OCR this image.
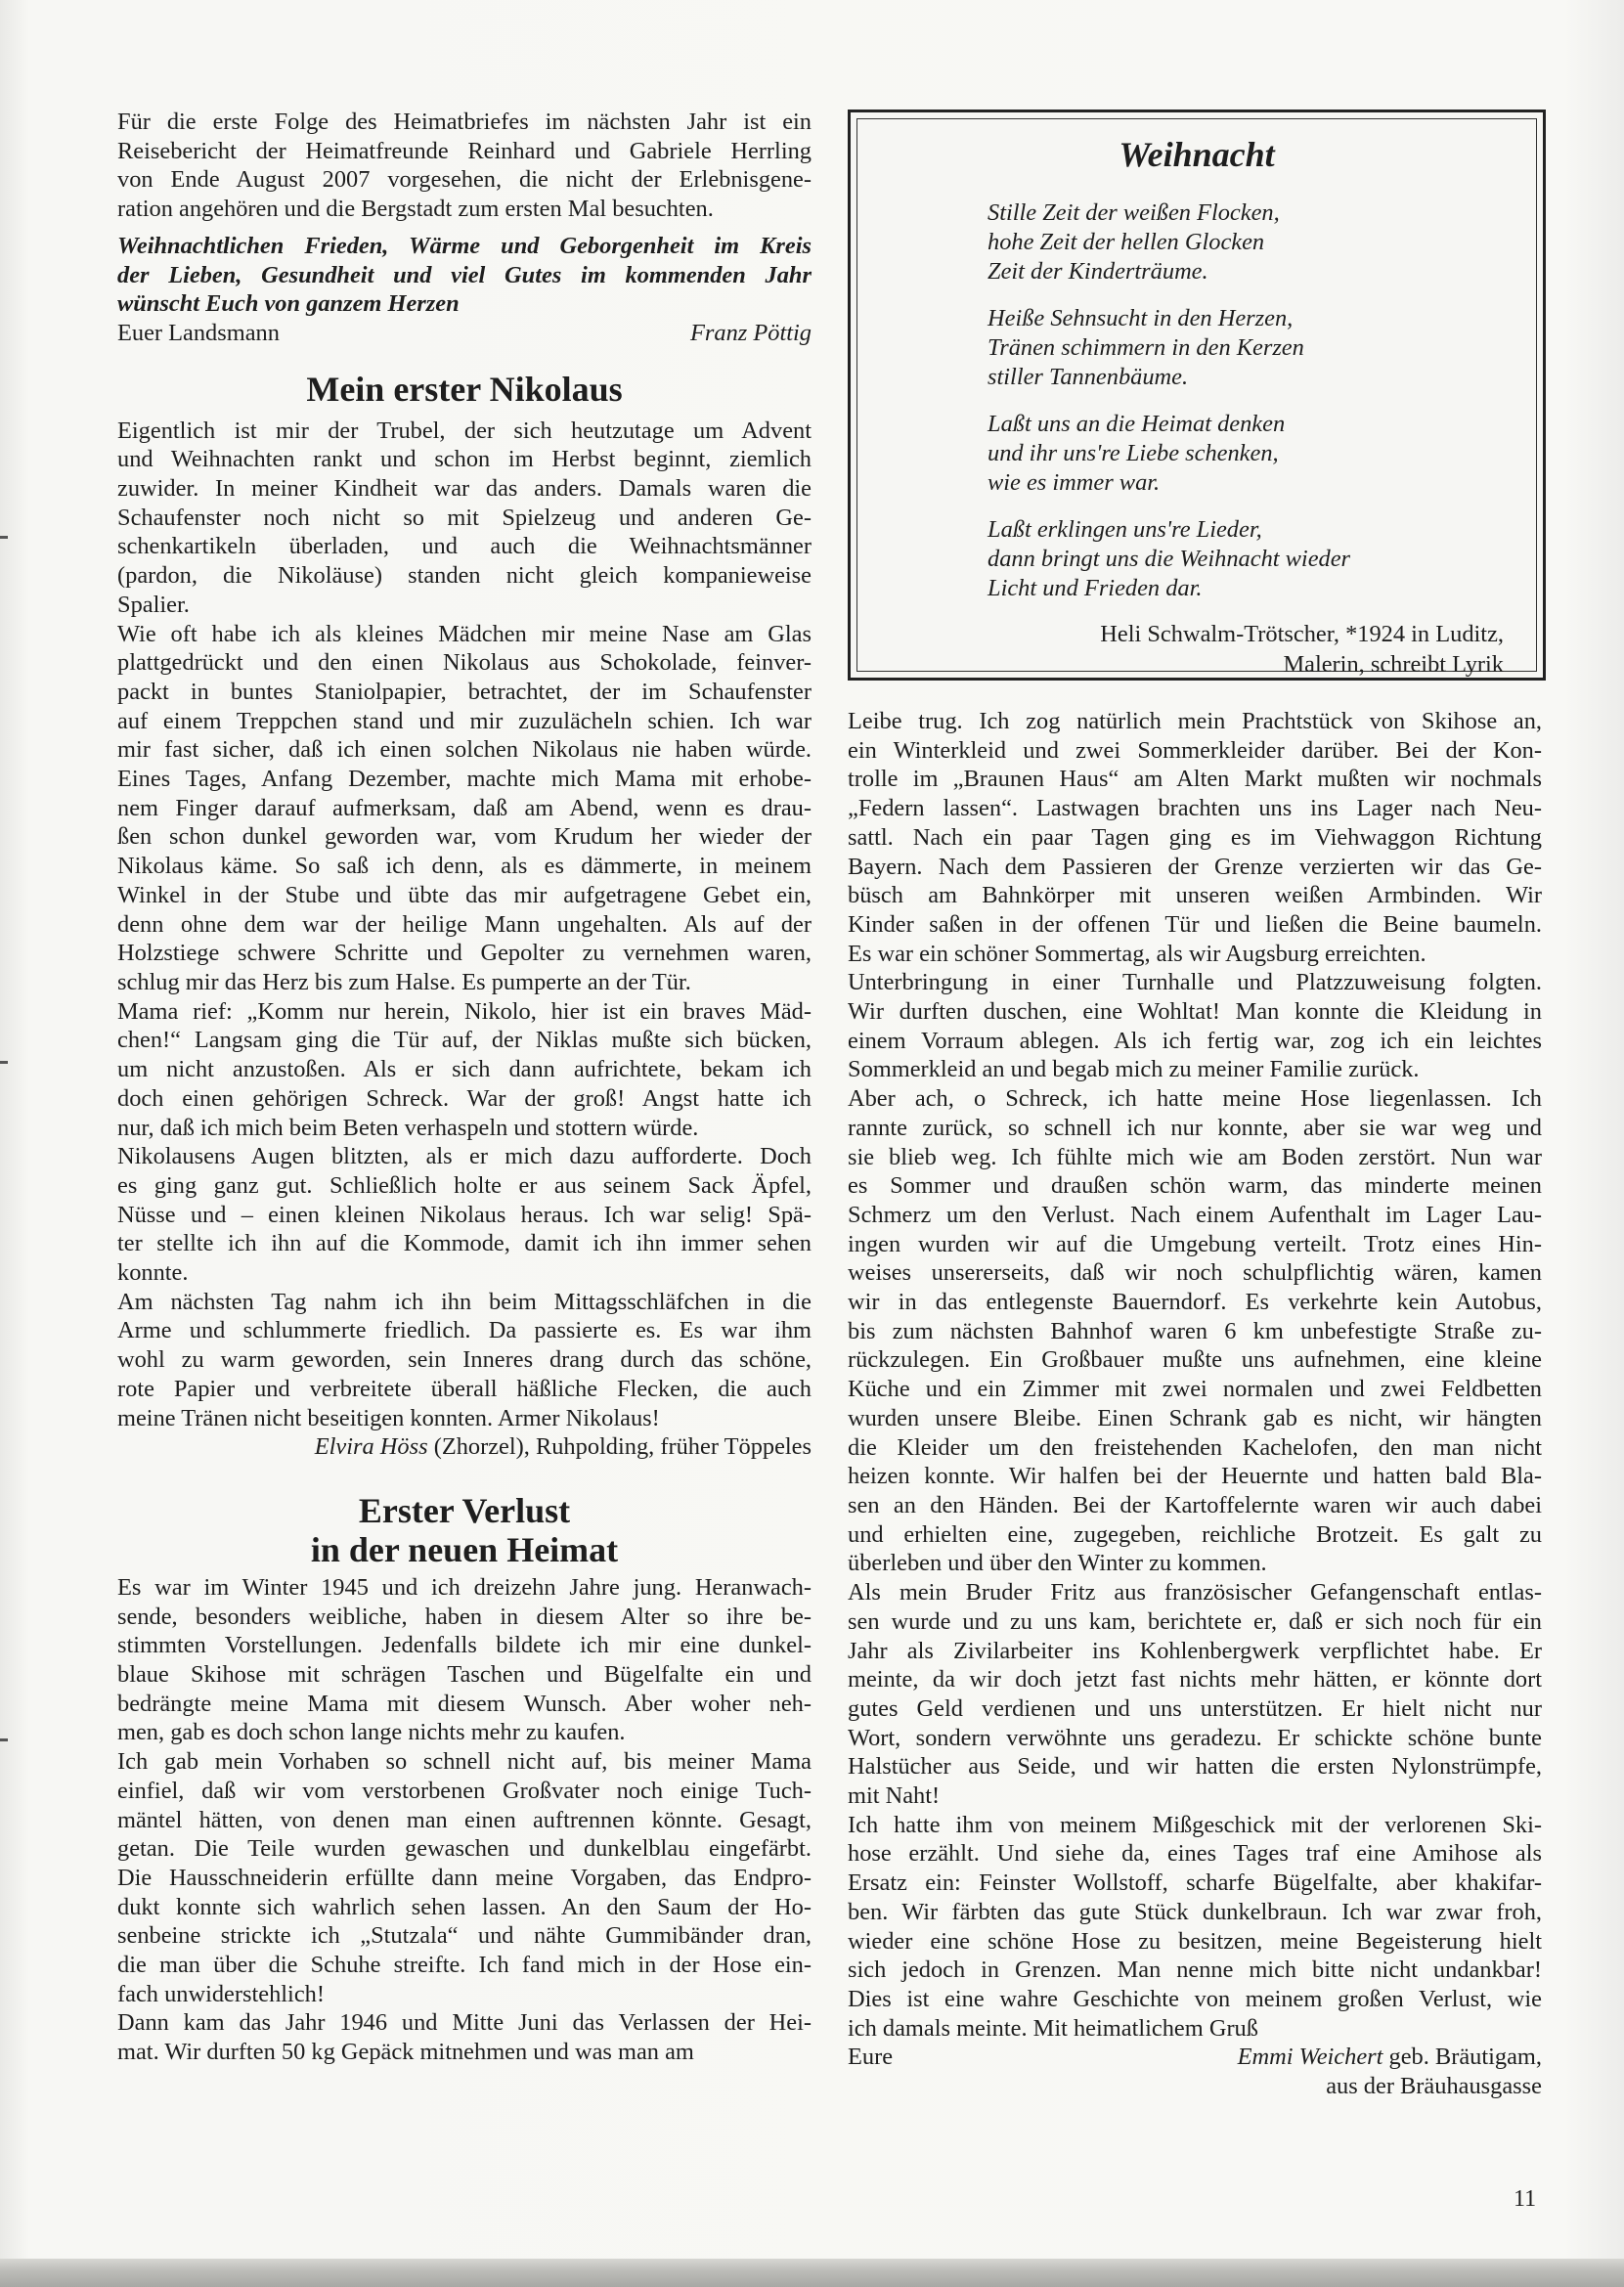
Für die erste Folge des Heimatbriefes im nächsten Jahr ist ein
Reisebericht der Heimatfreunde Reinhard und Gabriele Herrling
von Ende August 2007 vorgesehen, die nicht der Erlebnisgene-
ration angehören und die Bergstadt zum ersten Mal besuchten.
Weihnachtlichen Frieden, Wärme und Geborgenheit im Kreis
der Lieben, Gesundheit und viel Gutes im kommenden Jahr
wünscht Euch von ganzem Herzen
Euer Landsmann	Franz Pöttig
Mein erster Nikolaus
Eigentlich ist mir der Trubel, der sich heutzutage um Advent
und Weihnachten rankt und schon im Herbst beginnt, ziemlich
zuwider. In meiner Kindheit war das anders. Damals waren die
Schaufenster noch nicht so mit Spielzeug und anderen Ge-
schenkartikeln überladen, und auch die Weihnachtsmänner
(pardon, die Nikoläuse) standen nicht gleich kompanieweise
Spalier.
Wie oft habe ich als kleines Mädchen mir meine Nase am Glas
plattgedrückt und den einen Nikolaus aus Schokolade, feinver-
packt in buntes Staniolpapier, betrachtet, der im Schaufenster
auf einem Treppchen stand und mir zuzulächeln schien. Ich war
mir fast sicher, daß ich einen solchen Nikolaus nie haben würde.
Eines Tages, Anfang Dezember, machte mich Mama mit erhobe-
nem Finger darauf aufmerksam, daß am Abend, wenn es drau-
ßen schon dunkel geworden war, vom Krudum her wieder der
Nikolaus käme. So saß ich denn, als es dämmerte, in meinem
Winkel in der Stube und übte das mir aufgetragene Gebet ein,
denn ohne dem war der heilige Mann ungehalten. Als auf der
Holzstiege schwere Schritte und Gepolter zu vernehmen waren,
schlug mir das Herz bis zum Halse. Es pumperte an der Tür.
Mama rief: „Komm nur herein, Nikolo, hier ist ein braves Mäd-
chen!“ Langsam ging die Tür auf, der Niklas mußte sich bücken,
um nicht anzustoßen. Als er sich dann aufrichtete, bekam ich
doch einen gehörigen Schreck. War der groß! Angst hatte ich
nur, daß ich mich beim Beten verhaspeln und stottern würde.
Nikolausens Augen blitzten, als er mich dazu aufforderte. Doch
es ging ganz gut. Schließlich holte er aus seinem Sack Äpfel,
Nüsse und – einen kleinen Nikolaus heraus. Ich war selig! Spä-
ter stellte ich ihn auf die Kommode, damit ich ihn immer sehen
konnte.
Am nächsten Tag nahm ich ihn beim Mittagsschläfchen in die
Arme und schlummerte friedlich. Da passierte es. Es war ihm
wohl zu warm geworden, sein Inneres drang durch das schöne,
rote Papier und verbreitete überall häßliche Flecken, die auch
meine Tränen nicht beseitigen konnten. Armer Nikolaus!
Elvira Höss (Zhorzel), Ruhpolding, früher Töppeles
Erster Verlust
in der neuen Heimat
Es war im Winter 1945 und ich dreizehn Jahre jung. Heranwach-
sende, besonders weibliche, haben in diesem Alter so ihre be-
stimmten Vorstellungen. Jedenfalls bildete ich mir eine dunkel-
blaue Skihose mit schrägen Taschen und Bügelfalte ein und
bedrängte meine Mama mit diesem Wunsch. Aber woher neh-
men, gab es doch schon lange nichts mehr zu kaufen.
Ich gab mein Vorhaben so schnell nicht auf, bis meiner Mama
einfiel, daß wir vom verstorbenen Großvater noch einige Tuch-
mäntel hätten, von denen man einen auftrennen könnte. Gesagt,
getan. Die Teile wurden gewaschen und dunkelblau eingefärbt.
Die Hausschneiderin erfüllte dann meine Vorgaben, das Endpro-
dukt konnte sich wahrlich sehen lassen. An den Saum der Ho-
senbeine strickte ich „Stutzala“ und nähte Gummibänder dran,
die man über die Schuhe streifte. Ich fand mich in der Hose ein-
fach unwiderstehlich!
Dann kam das Jahr 1946 und Mitte Juni das Verlassen der Hei-
mat. Wir durften 50 kg Gepäck mitnehmen und was man am
Weihnacht
Stille Zeit der weißen Flocken,
hohe Zeit der hellen Glocken
Zeit der Kinderträume.
Heiße Sehnsucht in den Herzen,
Tränen schimmern in den Kerzen
stiller Tannenbäume.
Laßt uns an die Heimat denken
und ihr uns're Liebe schenken,
wie es immer war.
Laßt erklingen uns're Lieder,
dann bringt uns die Weihnacht wieder
Licht und Frieden dar.
Heli Schwalm-Trötscher, *1924 in Luditz,
Malerin, schreibt Lyrik
Leibe trug. Ich zog natürlich mein Prachtstück von Skihose an,
ein Winterkleid und zwei Sommerkleider darüber. Bei der Kon-
trolle im „Braunen Haus“ am Alten Markt mußten wir nochmals
„Federn lassen“. Lastwagen brachten uns ins Lager nach Neu-
sattl. Nach ein paar Tagen ging es im Viehwaggon Richtung
Bayern. Nach dem Passieren der Grenze verzierten wir das Ge-
büsch am Bahnkörper mit unseren weißen Armbinden. Wir
Kinder saßen in der offenen Tür und ließen die Beine baumeln.
Es war ein schöner Sommertag, als wir Augsburg erreichten.
Unterbringung in einer Turnhalle und Platzzuweisung folgten.
Wir durften duschen, eine Wohltat! Man konnte die Kleidung in
einem Vorraum ablegen. Als ich fertig war, zog ich ein leichtes
Sommerkleid an und begab mich zu meiner Familie zurück.
Aber ach, o Schreck, ich hatte meine Hose liegenlassen. Ich
rannte zurück, so schnell ich nur konnte, aber sie war weg und
sie blieb weg. Ich fühlte mich wie am Boden zerstört. Nun war
es Sommer und draußen schön warm, das minderte meinen
Schmerz um den Verlust. Nach einem Aufenthalt im Lager Lau-
ingen wurden wir auf die Umgebung verteilt. Trotz eines Hin-
weises unsererseits, daß wir noch schulpflichtig wären, kamen
wir in das entlegenste Bauerndorf. Es verkehrte kein Autobus,
bis zum nächsten Bahnhof waren 6 km unbefestigte Straße zu-
rückzulegen. Ein Großbauer mußte uns aufnehmen, eine kleine
Küche und ein Zimmer mit zwei normalen und zwei Feldbetten
wurden unsere Bleibe. Einen Schrank gab es nicht, wir hängten
die Kleider um den freistehenden Kachelofen, den man nicht
heizen konnte. Wir halfen bei der Heuernte und hatten bald Bla-
sen an den Händen. Bei der Kartoffelernte waren wir auch dabei
und erhielten eine, zugegeben, reichliche Brotzeit. Es galt zu
überleben und über den Winter zu kommen.
Als mein Bruder Fritz aus französischer Gefangenschaft entlas-
sen wurde und zu uns kam, berichtete er, daß er sich noch für ein
Jahr als Zivilarbeiter ins Kohlenbergwerk verpflichtet habe. Er
meinte, da wir doch jetzt fast nichts mehr hätten, er könnte dort
gutes Geld verdienen und uns unterstützen. Er hielt nicht nur
Wort, sondern verwöhnte uns geradezu. Er schickte schöne bunte
Halstücher aus Seide, und wir hatten die ersten Nylonstrümpfe,
mit Naht!
Ich hatte ihm von meinem Mißgeschick mit der verlorenen Ski-
hose erzählt. Und siehe da, eines Tages traf eine Amihose als
Ersatz ein: Feinster Wollstoff, scharfe Bügelfalte, aber khakifar-
ben. Wir färbten das gute Stück dunkelbraun. Ich war zwar froh,
wieder eine schöne Hose zu besitzen, meine Begeisterung hielt
sich jedoch in Grenzen. Man nenne mich bitte nicht undankbar!
Dies ist eine wahre Geschichte von meinem großen Verlust, wie
ich damals meinte. Mit heimatlichem Gruß
Eure	Emmi Weichert geb. Bräutigam,
aus der Bräuhausgasse
11
